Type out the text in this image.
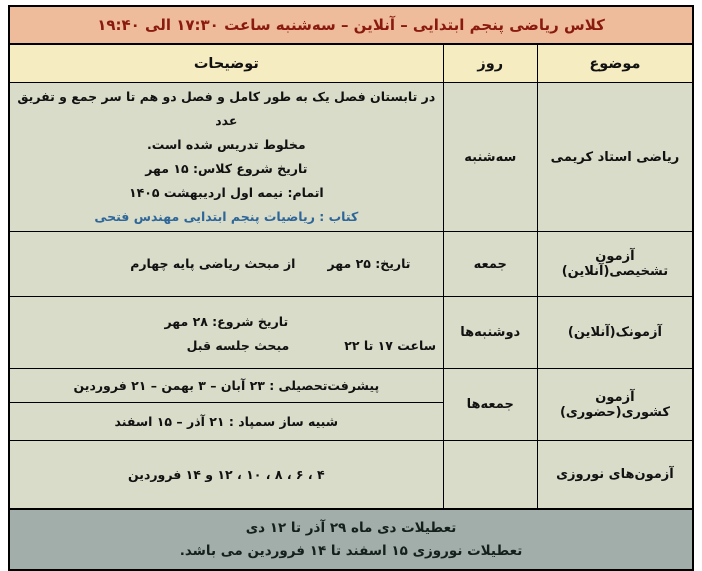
کلاس ریاضی پنجم ابتدایی – آنلاین – سه‌شنبه ساعت ۱۷:۳۰ الی ۱۹:۴۰
موضوع	روز	توضیحات
ریاضی استاد کریمی	سه‌شنبه	در تابستان فصل یک به طور کامل و فصل دو هم تا سر جمع و تفریق عدد
مخلوط تدریس شده است.
تاریخ شروع کلاس: ۱۵ مهر
اتمام: نیمه اول اردیبهشت ۱۴۰۵
کتاب : ریاضیات پنجم ابتدایی مهندس فتحی

آزمون تشخیصی(آنلاین)	جمعه	تاریخ: ۲۵ مهر
از مبحث ریاضی پایه چهارم

آزمونک(آنلاین)	دوشنبه‌ها	تاریخ شروع: ۲۸ مهر
ساعت ۱۷ تا ۲۲
مبحث جلسه قبل

آزمون کشوری(حضوری)	جمعه‌ها	پیشرفت‌تحصیلی : ۲۳ آبان – ۳ بهمن – ۲۱ فروردین
		شبیه ساز سمپاد : ۲۱ آذر – ۱۵ اسفند
آزمون‌های نوروزی		۴ ، ۶ ، ۸ ، ۱۰ ، ۱۲ و ۱۴ فروردین
تعطیلات دی ماه ۲۹ آذر تا ۱۲ دی
تعطیلات نوروزی ۱۵ اسفند تا ۱۴ فروردین می باشد.
